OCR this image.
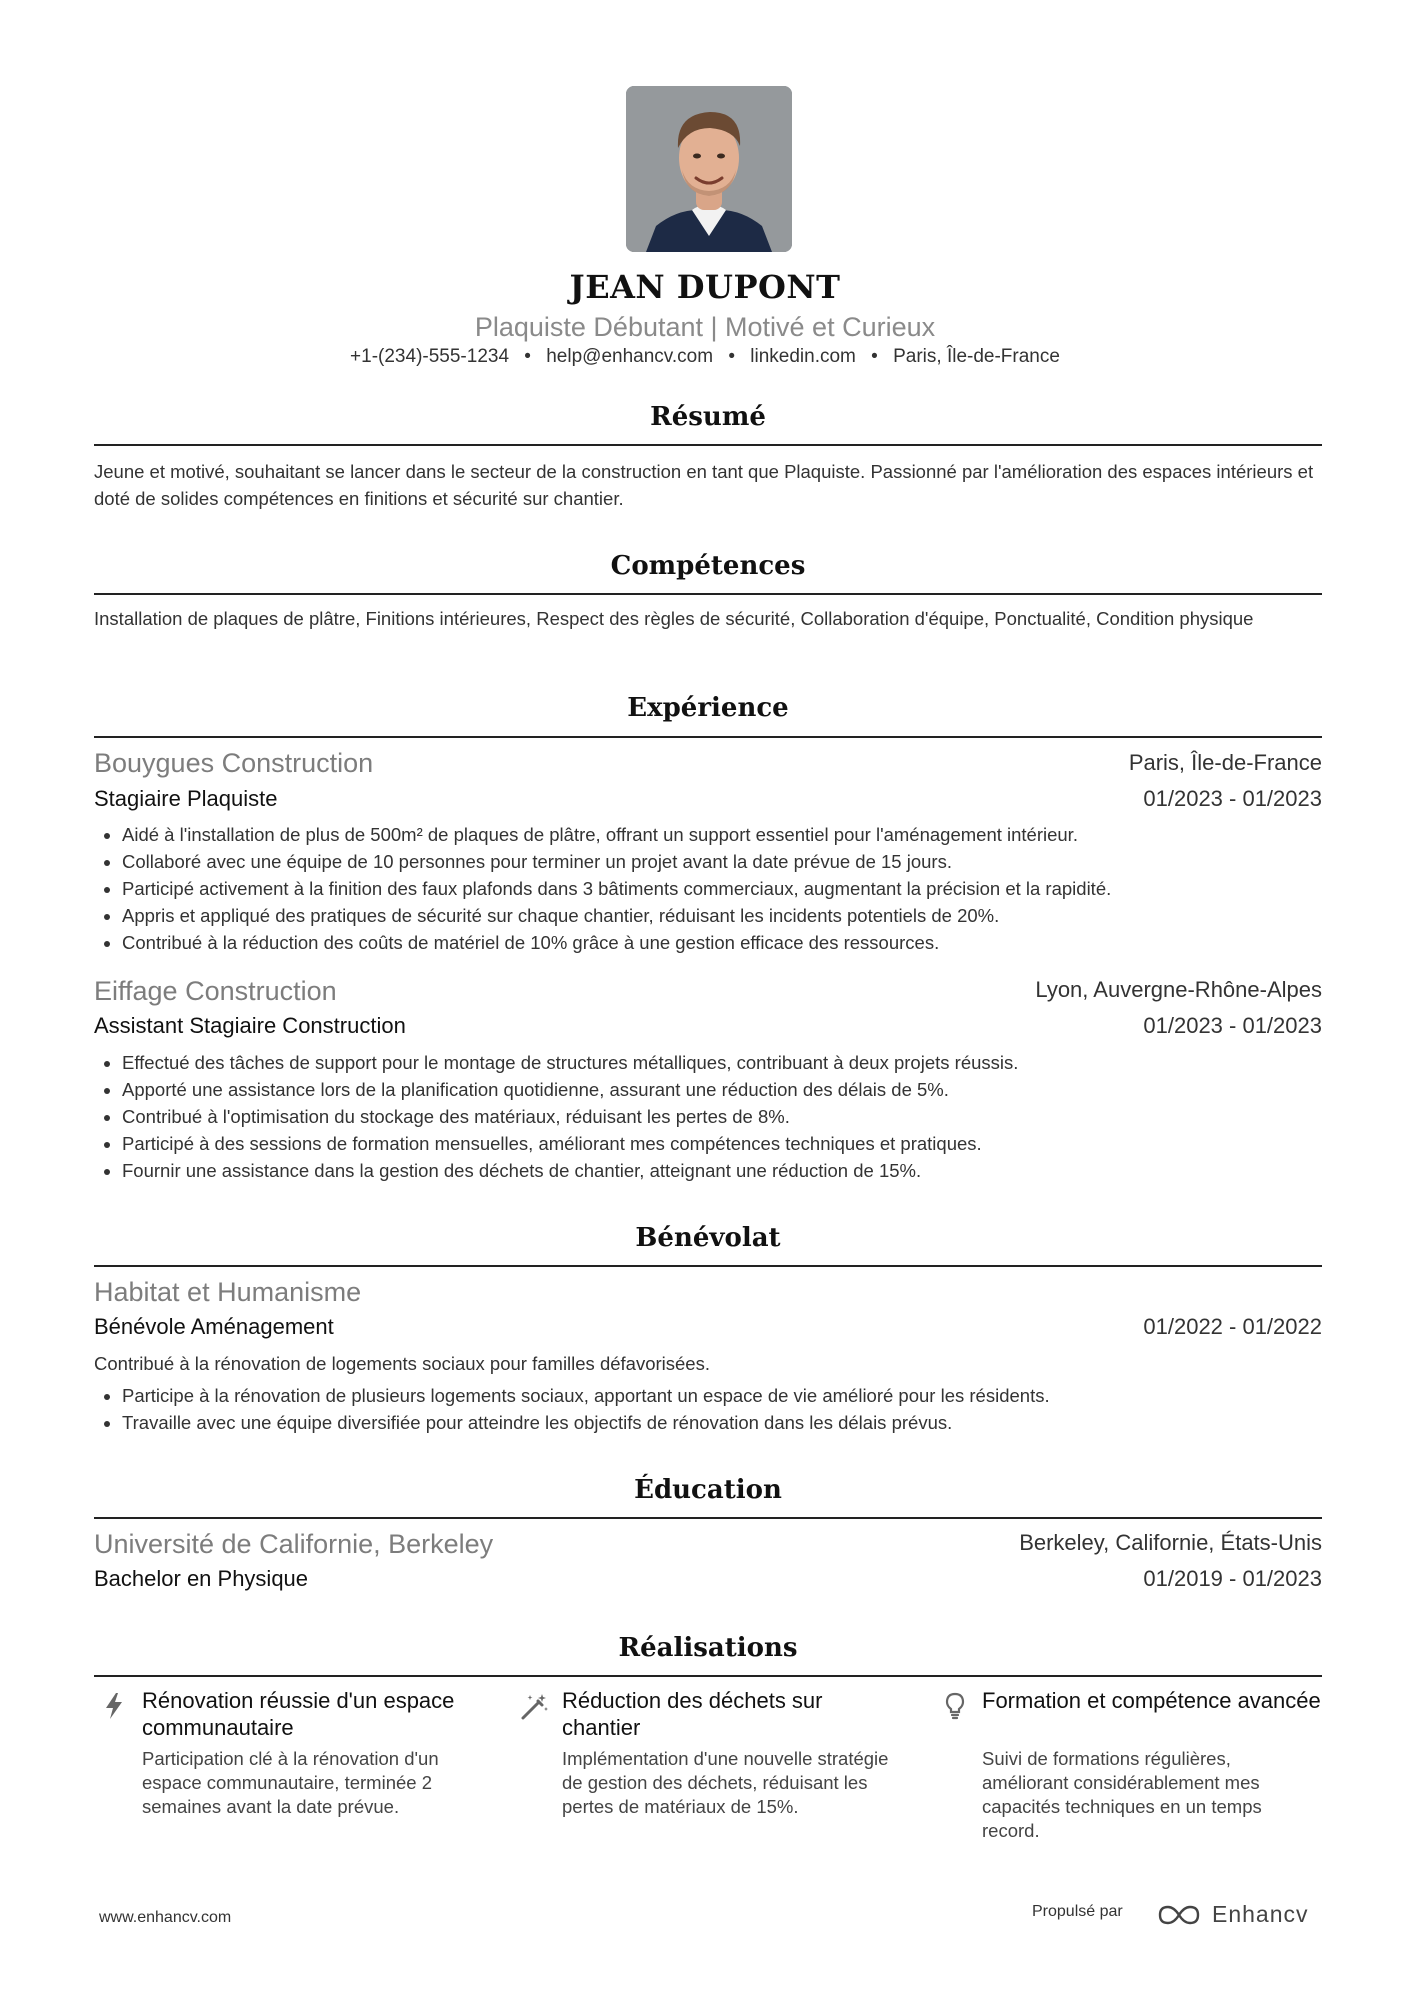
JEAN DUPONT
Plaquiste Débutant | Motivé et Curieux
+1-(234)-555-1234 • help@enhancv.com • linkedin.com • Paris, Île-de-France
Résumé
Jeune et motivé, souhaitant se lancer dans le secteur de la construction en tant que Plaquiste. Passionné par l'amélioration des espaces intérieurs et doté de solides compétences en finitions et sécurité sur chantier.
Compétences
Installation de plaques de plâtre, Finitions intérieures, Respect des règles de sécurité, Collaboration d'équipe, Ponctualité, Condition physique
Expérience
Bouygues Construction	Paris, Île-de-France
Stagiaire Plaquiste	01/2023 - 01/2023
• Aidé à l'installation de plus de 500m² de plaques de plâtre, offrant un support essentiel pour l'aménagement intérieur.
• Collaboré avec une équipe de 10 personnes pour terminer un projet avant la date prévue de 15 jours.
• Participé activement à la finition des faux plafonds dans 3 bâtiments commerciaux, augmentant la précision et la rapidité.
• Appris et appliqué des pratiques de sécurité sur chaque chantier, réduisant les incidents potentiels de 20%.
• Contribué à la réduction des coûts de matériel de 10% grâce à une gestion efficace des ressources.
Eiffage Construction	Lyon, Auvergne-Rhône-Alpes
Assistant Stagiaire Construction	01/2023 - 01/2023
• Effectué des tâches de support pour le montage de structures métalliques, contribuant à deux projets réussis.
• Apporté une assistance lors de la planification quotidienne, assurant une réduction des délais de 5%.
• Contribué à l'optimisation du stockage des matériaux, réduisant les pertes de 8%.
• Participé à des sessions de formation mensuelles, améliorant mes compétences techniques et pratiques.
• Fournir une assistance dans la gestion des déchets de chantier, atteignant une réduction de 15%.
Bénévolat
Habitat et Humanisme
Bénévole Aménagement	01/2022 - 01/2022
Contribué à la rénovation de logements sociaux pour familles défavorisées.
• Participe à la rénovation de plusieurs logements sociaux, apportant un espace de vie amélioré pour les résidents.
• Travaille avec une équipe diversifiée pour atteindre les objectifs de rénovation dans les délais prévus.
Éducation
Université de Californie, Berkeley	Berkeley, Californie, États-Unis
Bachelor en Physique	01/2019 - 01/2023
Réalisations
Rénovation réussie d'un espace communautaire
Participation clé à la rénovation d'un espace communautaire, terminée 2 semaines avant la date prévue.
Réduction des déchets sur chantier
Implémentation d'une nouvelle stratégie de gestion des déchets, réduisant les pertes de matériaux de 15%.
Formation et compétence avancée
Suivi de formations régulières, améliorant considérablement mes capacités techniques en un temps record.
www.enhancv.com	Propulsé par	Enhancv
